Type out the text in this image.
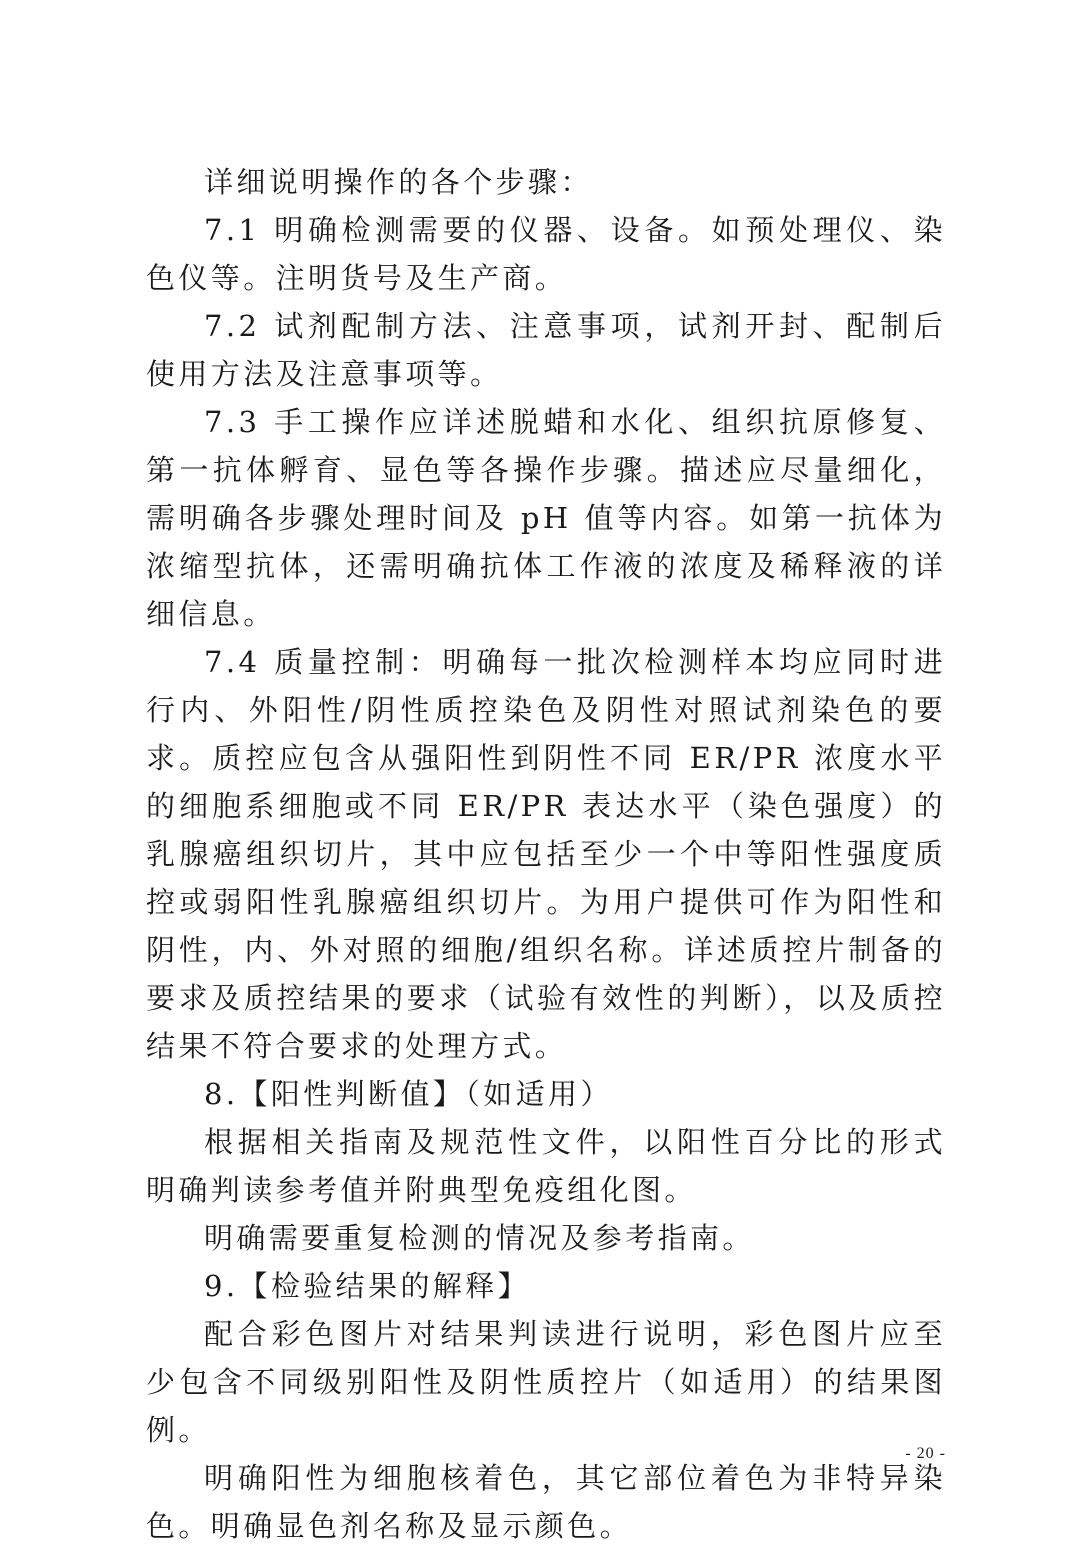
详细说明操作的各个步骤：

7.1 明确检测需要的仪器、设备。如预处理仪、染色仪等。注明货号及生产商。

7.2 试剂配制方法、注意事项，试剂开封、配制后使用方法及注意事项等。

7.3 手工操作应详述脱蜡和水化、组织抗原修复、第一抗体孵育、显色等各操作步骤。描述应尽量细化，需明确各步骤处理时间及 pH 值等内容。如第一抗体为浓缩型抗体，还需明确抗体工作液的浓度及稀释液的详细信息。

7.4 质量控制：明确每一批次检测样本均应同时进行内、外阳性/阴性质控染色及阴性对照试剂染色的要求。质控应包含从强阳性到阴性不同 ER/PR 浓度水平的细胞系细胞或不同 ER/PR 表达水平（染色强度）的乳腺癌组织切片，其中应包括至少一个中等阳性强度质控或弱阳性乳腺癌组织切片。为用户提供可作为阳性和阴性，内、外对照的细胞/组织名称。详述质控片制备的要求及质控结果的要求（试验有效性的判断），以及质控结果不符合要求的处理方式。

8.【阳性判断值】（如适用）

根据相关指南及规范性文件，以阳性百分比的形式明确判读参考值并附典型免疫组化图。

明确需要重复检测的情况及参考指南。

9.【检验结果的解释】

配合彩色图片对结果判读进行说明，彩色图片应至少包含不同级别阳性及阴性质控片（如适用）的结果图例。

明确阳性为细胞核着色，其它部位着色为非特异染色。明确显色剂名称及显示颜色。

- 20 -
